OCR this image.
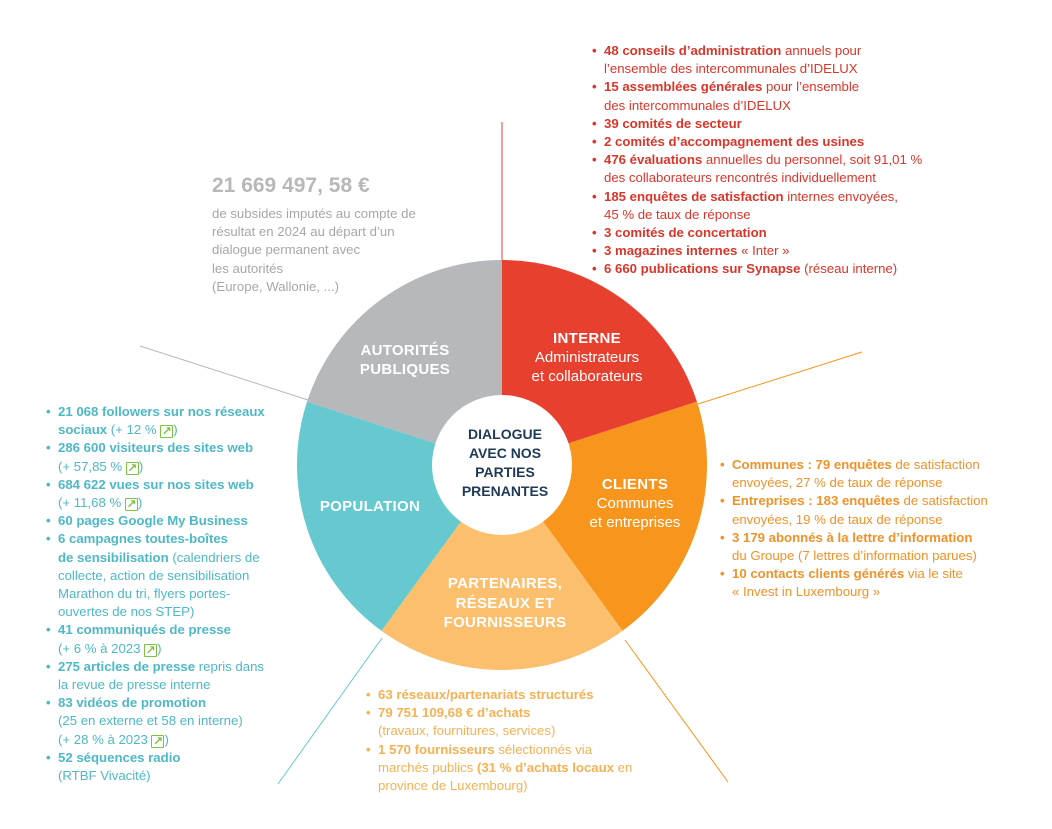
INTERNE
Administrateurs
et collaborateurs
CLIENTS
Communes
et entreprises
PARTENAIRES,
RÉSEAUX ET
FOURNISSEURS
POPULATION
AUTORITÉS
PUBLIQUES
DIALOGUE
AVEC NOS
PARTIES
PRENANTES
21 669 497, 58 €
de subsides imputés au compte de
résultat en 2024 au départ d’un
dialogue permanent avec
les autorités
(Europe, Wallonie, ...)
• 48 conseils d’administration annuels pour
l’ensemble des intercommunales d’IDELUX
• 15 assemblées générales pour l’ensemble
des intercommunales d’IDELUX
• 39 comités de secteur
• 2 comités d’accompagnement des usines
• 476 évaluations annuelles du personnel, soit 91,01 %
des collaborateurs rencontrés individuellement
• 185 enquêtes de satisfaction internes envoyées,
45 % de taux de réponse
• 3 comités de concertation
• 3 magazines internes « Inter »
• 6 660 publications sur Synapse (réseau interne)
• Communes : 79 enquêtes de satisfaction
envoyées, 27 % de taux de réponse
• Entreprises : 183 enquêtes de satisfaction
envoyées, 19 % de taux de réponse
• 3 179 abonnés à la lettre d’information
du Groupe (7 lettres d’information parues)
• 10 contacts clients générés via le site
« Invest in Luxembourg »
• 63 réseaux/partenariats structurés
• 79 751 109,68 € d’achats
(travaux, fournitures, services)
• 1 570 fournisseurs sélectionnés via
marchés publics (31 % d’achats locaux en
province de Luxembourg)
• 21 068 followers sur nos réseaux
sociaux (+ 12 % ↗)
• 286 600 visiteurs des sites web
(+ 57,85 % ↗)
• 684 622 vues sur nos sites web
(+ 11,68 % ↗)
• 60 pages Google My Business
• 6 campagnes toutes-boîtes
de sensibilisation (calendriers de
collecte, action de sensibilisation
Marathon du tri, flyers portes-
ouvertes de nos STEP)
• 41 communiqués de presse
(+ 6 % à 2023 ↗)
• 275 articles de presse repris dans
la revue de presse interne
• 83 vidéos de promotion
(25 en externe et 58 en interne)
(+ 28 % à 2023 ↗)
• 52 séquences radio
(RTBF Vivacité)
